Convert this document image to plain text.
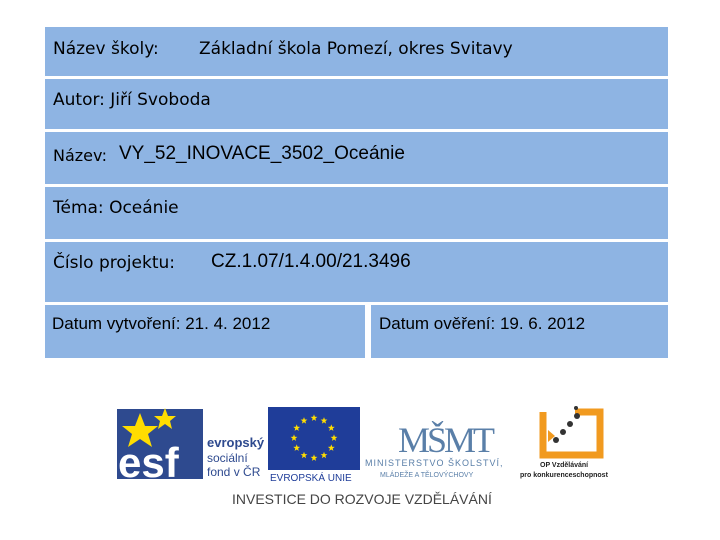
Název školy: Základní škola Pomezí, okres Svitavy
Autor: Jiří Svoboda
Název: VY_52_INOVACE_3502_Oceánie
Téma: Oceánie
Číslo projektu: CZ.1.07/1.4.00/21.3496
Datum vytvoření: 21. 4. 2012	Datum ověření: 19. 6. 2012
esf evropský
sociální
fond v ČR EVROPSKÁ UNIE
MŠMT
MINISTERSTVO ŠKOLSTVÍ,
MLÁDEŽE A TĚLOVÝCHOVY
OP Vzdělávání
pro konkurenceschopnost
INVESTICE DO ROZVOJE VZDĚLÁVÁNÍ
